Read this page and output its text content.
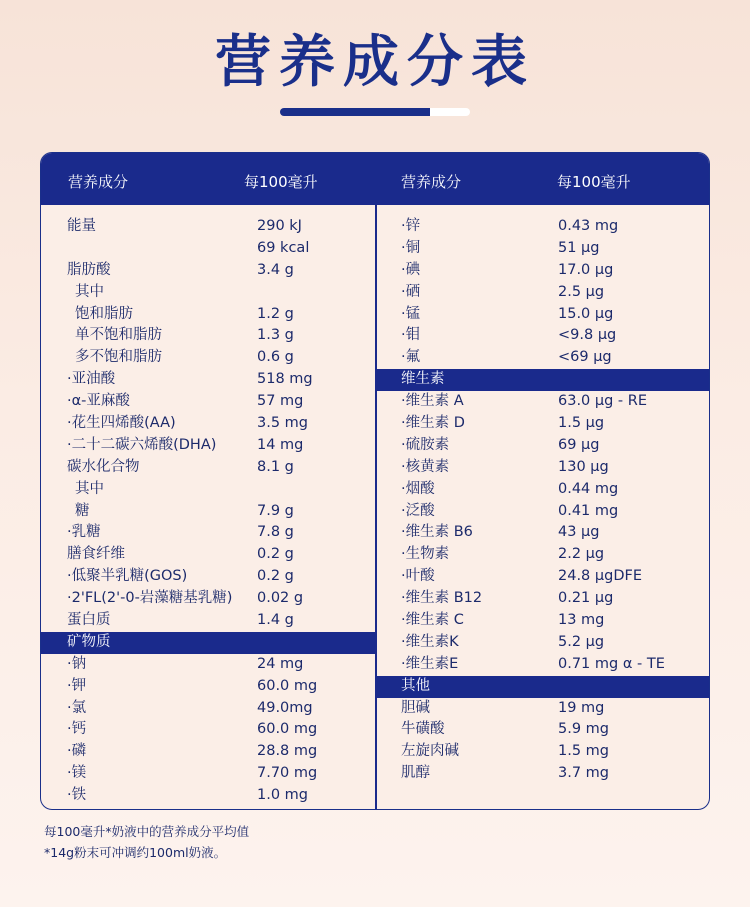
营养成分表
营养成分	每100毫升	营养成分	每100毫升
能量	290 kJ
69 kcal
脂肪酸	3.4 g
其中
饱和脂肪	1.2 g
单不饱和脂肪	1.3 g
多不饱和脂肪	0.6 g
·亚油酸	518 mg
·α-亚麻酸	57 mg
·花生四烯酸(AA)	3.5 mg
·二十二碳六烯酸(DHA)	14 mg
碳水化合物	8.1 g
其中
糖	7.9 g
·乳糖	7.8 g
膳食纤维	0.2 g
·低聚半乳糖(GOS)	0.2 g
·2'FL(2'-0-岩藻糖基乳糖) 0.02 g
蛋白质	1.4 g
矿物质
·钠	24 mg
·钾	60.0 mg
·氯	49.0mg
·钙	60.0 mg
·磷	28.8 mg
·镁	7.70 mg
·铁	1.0 mg
·锌	0.43 mg
·铜	51 μg
·碘	17.0 μg
·硒	2.5 μg
·锰	15.0 μg
·钼	<9.8 μg
·氟	<69 μg
维生素
·维生素 A	63.0 μg - RE
·维生素 D	1.5 μg
·硫胺素	69 μg
·核黄素	130 μg
·烟酸	0.44 mg
·泛酸	0.41 mg
·维生素 B6	43 μg
·生物素	2.2 μg
·叶酸	24.8 μgDFE
·维生素 B12	0.21 μg
·维生素 C	13 mg
·维生素K	5.2 μg
·维生素E	0.71 mg α - TE
其他
胆碱	19 mg
牛磺酸	5.9 mg
左旋肉碱	1.5 mg
肌醇	3.7 mg
每100毫升*奶液中的营养成分平均值
*14g粉末可冲调约100ml奶液。
